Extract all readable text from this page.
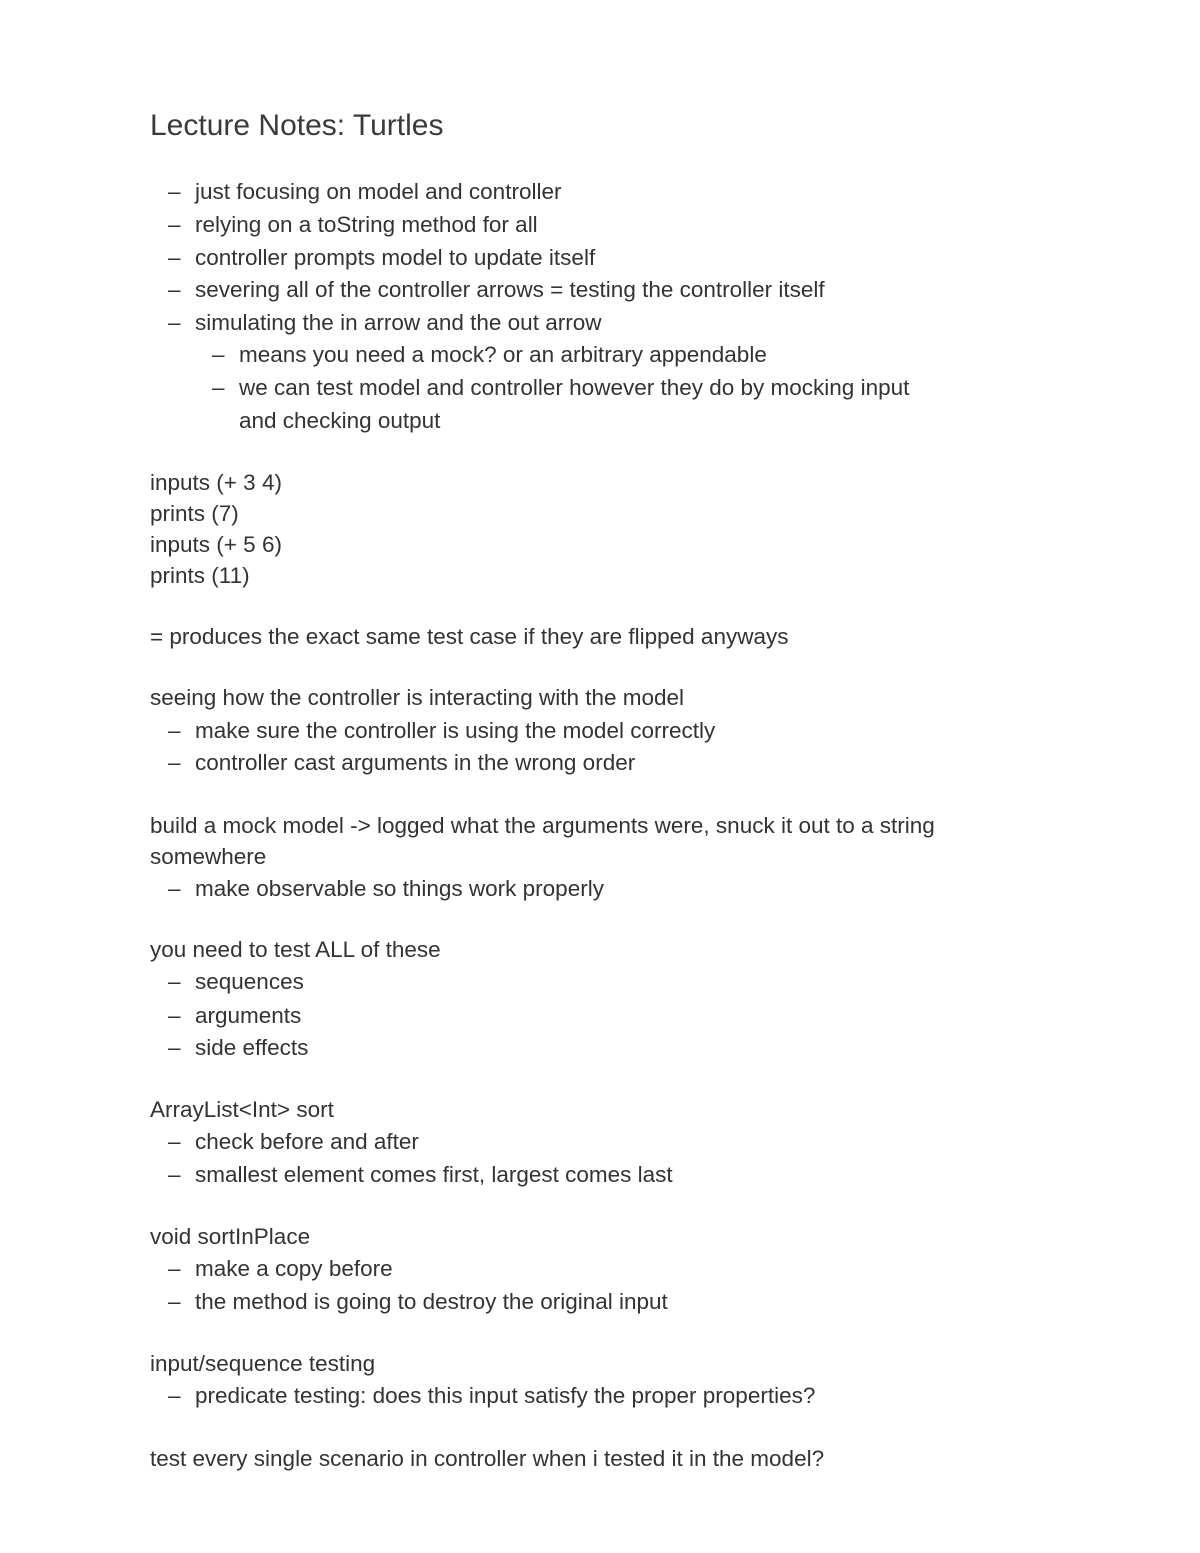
Lecture Notes: Turtles
– just focusing on model and controller
– relying on a toString method for all
– controller prompts model to update itself
– severing all of the controller arrows = testing the controller itself
– simulating the in arrow and the out arrow
– means you need a mock? or an arbitrary appendable
– we can test model and controller however they do by mocking input
and checking output
inputs (+ 3 4)
prints (7)
inputs (+ 5 6)
prints (11)
= produces the exact same test case if they are flipped anyways
seeing how the controller is interacting with the model
– make sure the controller is using the model correctly
– controller cast arguments in the wrong order
build a mock model -> logged what the arguments were, snuck it out to a string
somewhere
– make observable so things work properly
you need to test ALL of these
– sequences
– arguments
– side effects
ArrayList<Int> sort
– check before and after
– smallest element comes first, largest comes last
void sortInPlace
– make a copy before
– the method is going to destroy the original input
input/sequence testing
– predicate testing: does this input satisfy the proper properties?
test every single scenario in controller when i tested it in the model?
